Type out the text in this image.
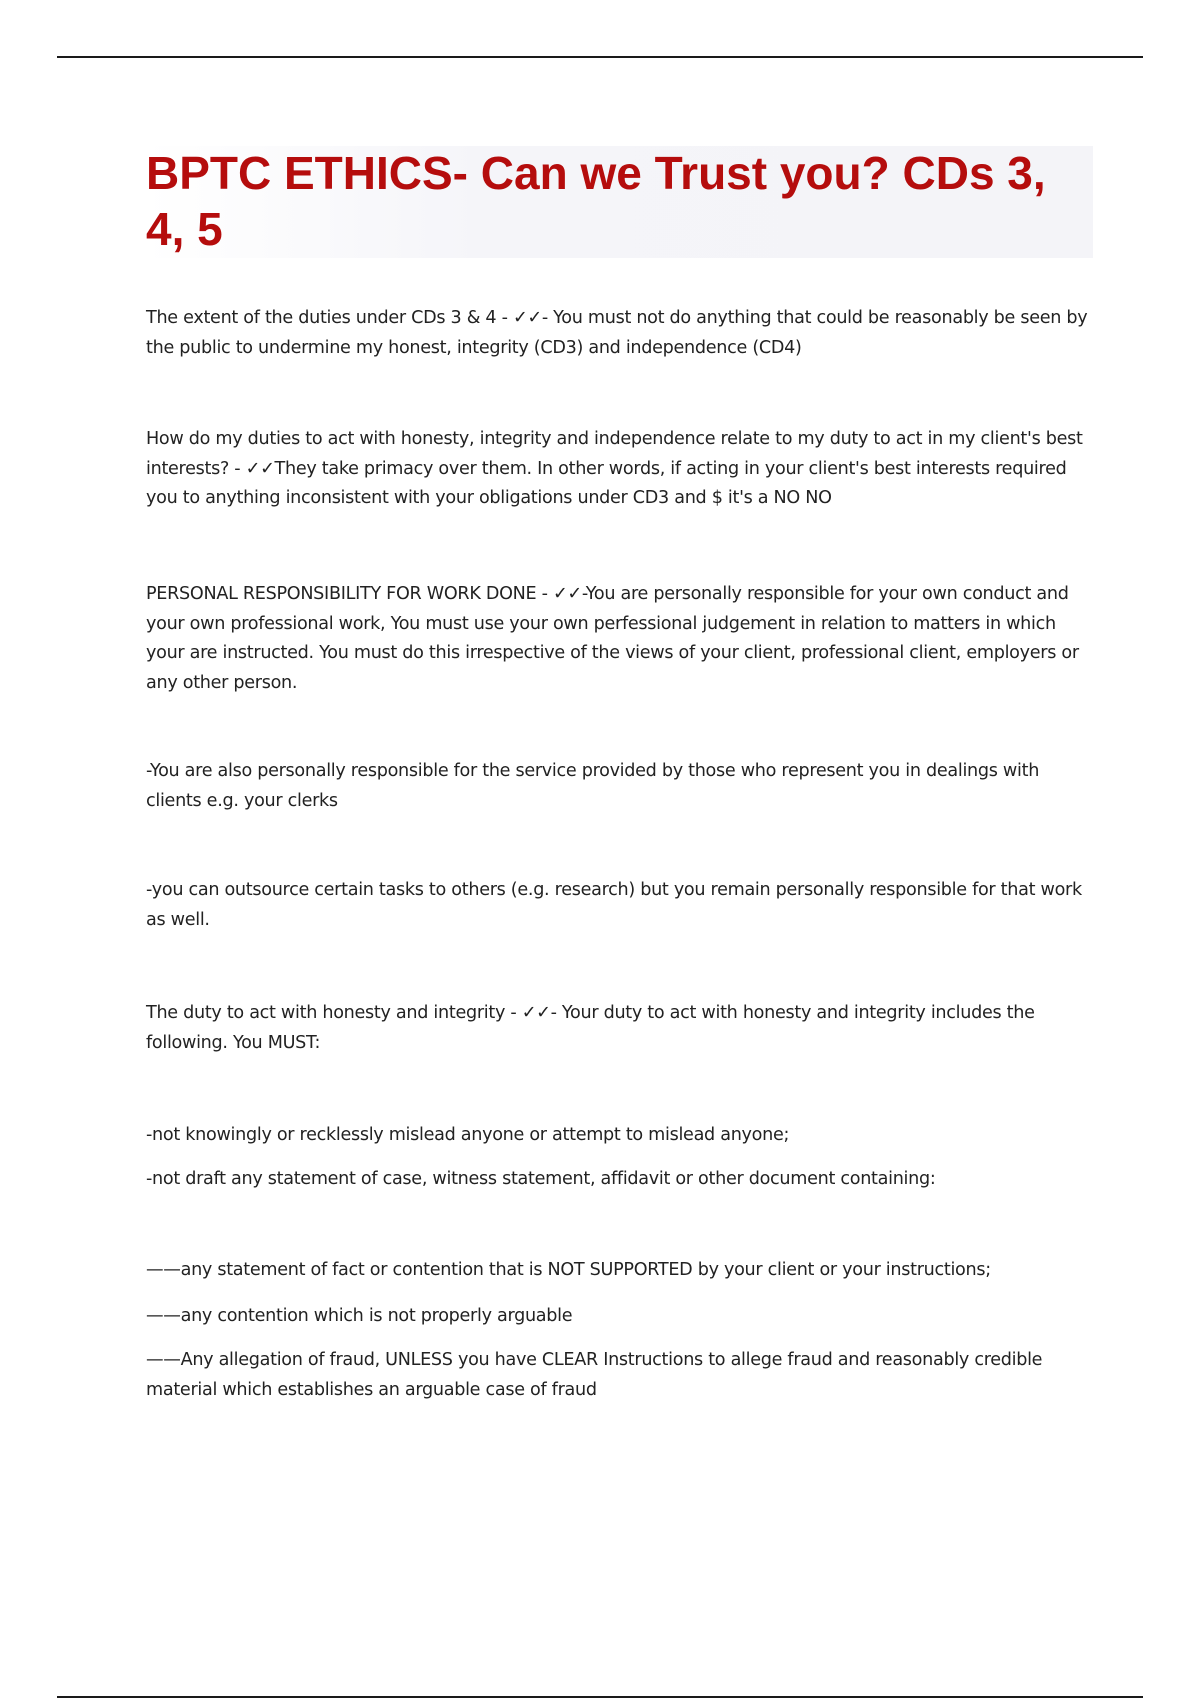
BPTC ETHICS- Can we Trust you? CDs 3, 4, 5

The extent of the duties under CDs 3 & 4 - ✓✓- You must not do anything that could be reasonably be seen by the public to undermine my honest, integrity (CD3) and independence (CD4)

How do my duties to act with honesty, integrity and independence relate to my duty to act in my client's best interests? - ✓✓They take primacy over them. In other words, if acting in your client's best interests required you to anything inconsistent with your obligations under CD3 and $ it's a NO NO

PERSONAL RESPONSIBILITY FOR WORK DONE - ✓✓-You are personally responsible for your own conduct and your own professional work, You must use your own perfessional judgement in relation to matters in which your are instructed. You must do this irrespective of the views of your client, professional client, employers or any other person.

-You are also personally responsible for the service provided by those who represent you in dealings with clients e.g. your clerks

-you can outsource certain tasks to others (e.g. research) but you remain personally responsible for that work as well.

The duty to act with honesty and integrity - ✓✓- Your duty to act with honesty and integrity includes the following. You MUST:

-not knowingly or recklessly mislead anyone or attempt to mislead anyone;

-not draft any statement of case, witness statement, affidavit or other document containing:

——any statement of fact or contention that is NOT SUPPORTED by your client or your instructions;

——any contention which is not properly arguable

——Any allegation of fraud, UNLESS you have CLEAR Instructions to allege fraud and reasonably credible material which establishes an arguable case of fraud
